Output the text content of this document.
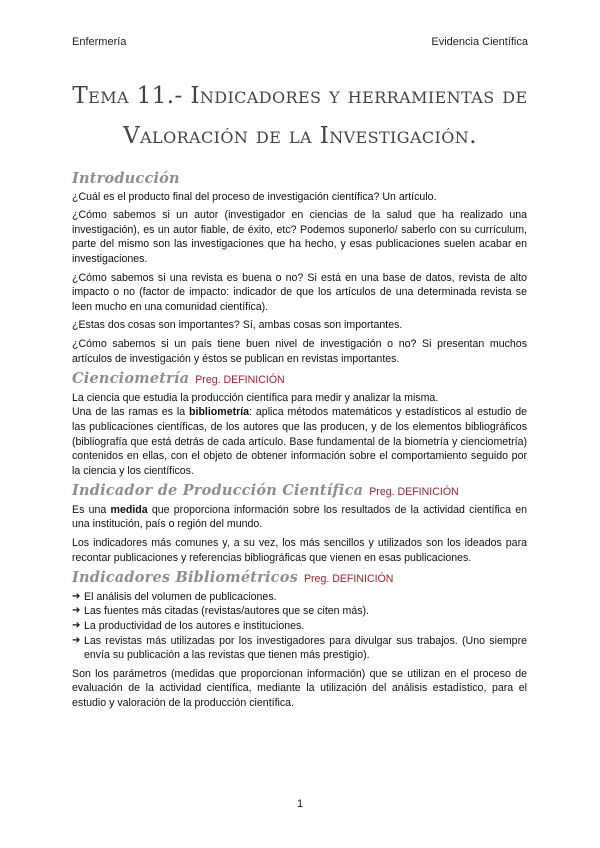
Enfermería	Evidencia Científica
Tema 11.- Indicadores y herramientas de Valoración de la Investigación.
Introducción

¿Cuál es el producto final del proceso de investigación científica? Un artículo.

¿Cómo sabemos si un autor (investigador en ciencias de la salud que ha realizado una investigación), es un autor fiable, de éxito, etc? Podemos suponerlo/ saberlo con su currículum, parte del mismo son las investigaciones que ha hecho, y esas publicaciones suelen acabar en investigaciones.

¿Cómo sabemos si una revista es buena o no? Si está en una base de datos, revista de alto impacto o no (factor de impacto: indicador de que los artículos de una determinada revista se leen mucho en una comunidad científica).

¿Estas dos cosas son importantes? Sí, ambas cosas son importantes.

¿Cómo sabemos si un país tiene buen nivel de investigación o no? Si presentan muchos artículos de investigación y éstos se publican en revistas importantes.

Cienciometría Preg. DEFINICIÓN

La ciencia que estudia la producción científica para medir y analizar la misma.

Una de las ramas es la bibliometría: aplica métodos matemáticos y estadísticos al estudio de las publicaciones científicas, de los autores que las producen, y de los elementos bibliográficos (bibliografía que está detrás de cada artículo. Base fundamental de la biometría y cienciometría) contenidos en ellas, con el objeto de obtener información sobre el comportamiento seguido por la ciencia y los científicos.

Indicador de Producción Científica Preg. DEFINICIÓN

Es una medida que proporciona información sobre los resultados de la actividad científica en una institución, país o región del mundo.

Los indicadores más comunes y, a su vez, los más sencillos y utilizados son los ideados para recontar publicaciones y referencias bibliográficas que vienen en esas publicaciones.

Indicadores Bibliométricos Preg. DEFINICIÓN
➔ El análisis del volumen de publicaciones.
➔ Las fuentes más citadas (revistas/autores que se citen más).
➔ La productividad de los autores e instituciones.
➔ Las revistas más utilizadas por los investigadores para divulgar sus trabajos. (Uno siempre envía su publicación a las revistas que tienen más prestigio).

Son los parámetros (medidas que proporcionan información) que se utilizan en el proceso de evaluación de la actividad científica, mediante la utilización del análisis estadístico, para el estudio y valoración de la producción científica.

1
